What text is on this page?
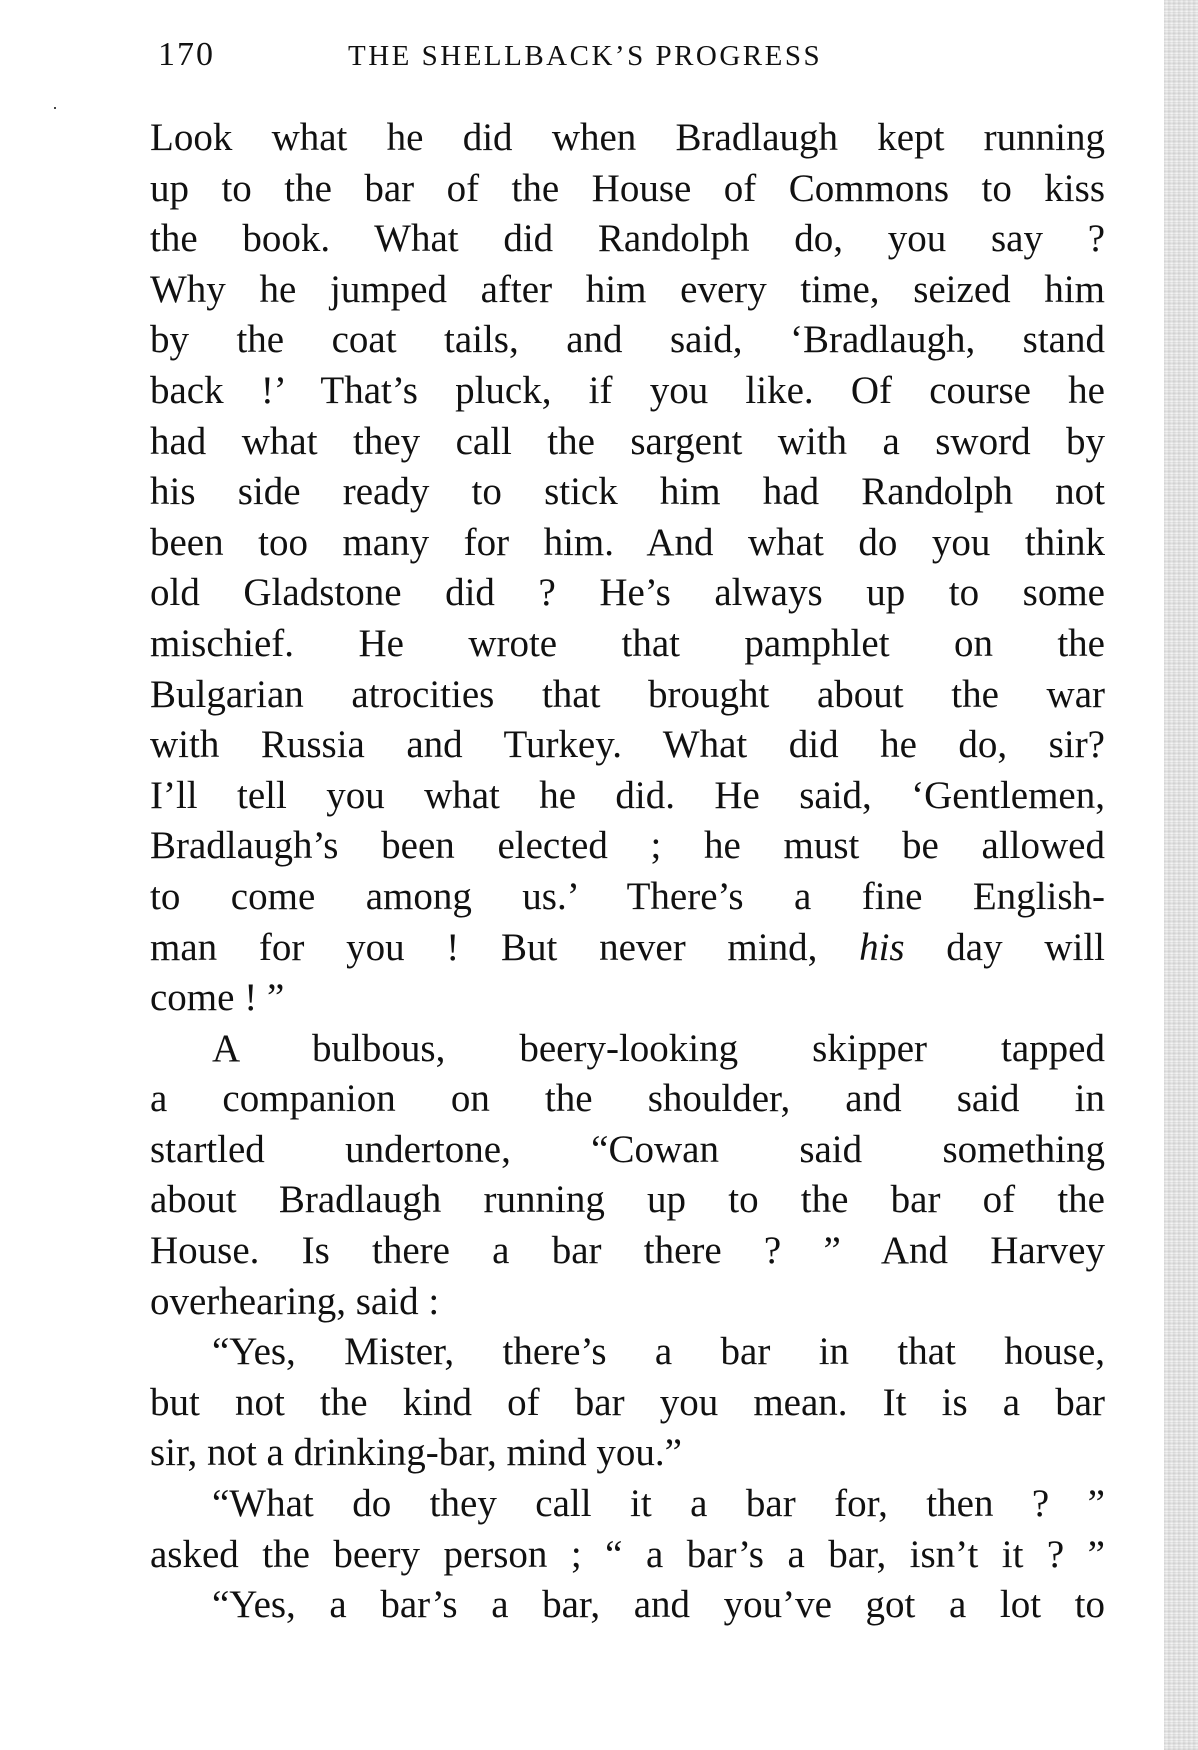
170	THE SHELLBACK’S PROGRESS
Look what he did when Bradlaugh kept running
up to the bar of the House of Commons to kiss
the book. What did Randolph do, you say ?
Why he jumped after him every time, seized him
by the coat tails, and said, ‘Bradlaugh, stand
back !’ That’s pluck, if you like. Of course he
had what they call the sargent with a sword by
his side ready to stick him had Randolph not
been too many for him. And what do you think
old Gladstone did ? He’s always up to some
mischief. He wrote that pamphlet on the
Bulgarian atrocities that brought about the war
with Russia and Turkey. What did he do, sir?
I’ll tell you what he did. He said, ‘Gentlemen,
Bradlaugh’s been elected ; he must be allowed
to come among us.’ There’s a fine English-
man for you ! But never mind, his day will
come ! ”
A bulbous, beery-looking skipper tapped
a companion on the shoulder, and said in
startled undertone, “Cowan said something
about Bradlaugh running up to the bar of the
House. Is there a bar there ? ” And Harvey
overhearing, said :
“Yes, Mister, there’s a bar in that house,
but not the kind of bar you mean. It is a bar
sir, not a drinking-bar, mind you.”
“What do they call it a bar for, then ? ”
asked the beery person ; “ a bar’s a bar, isn’t it ? ”
“Yes, a bar’s a bar, and you’ve got a lot to
